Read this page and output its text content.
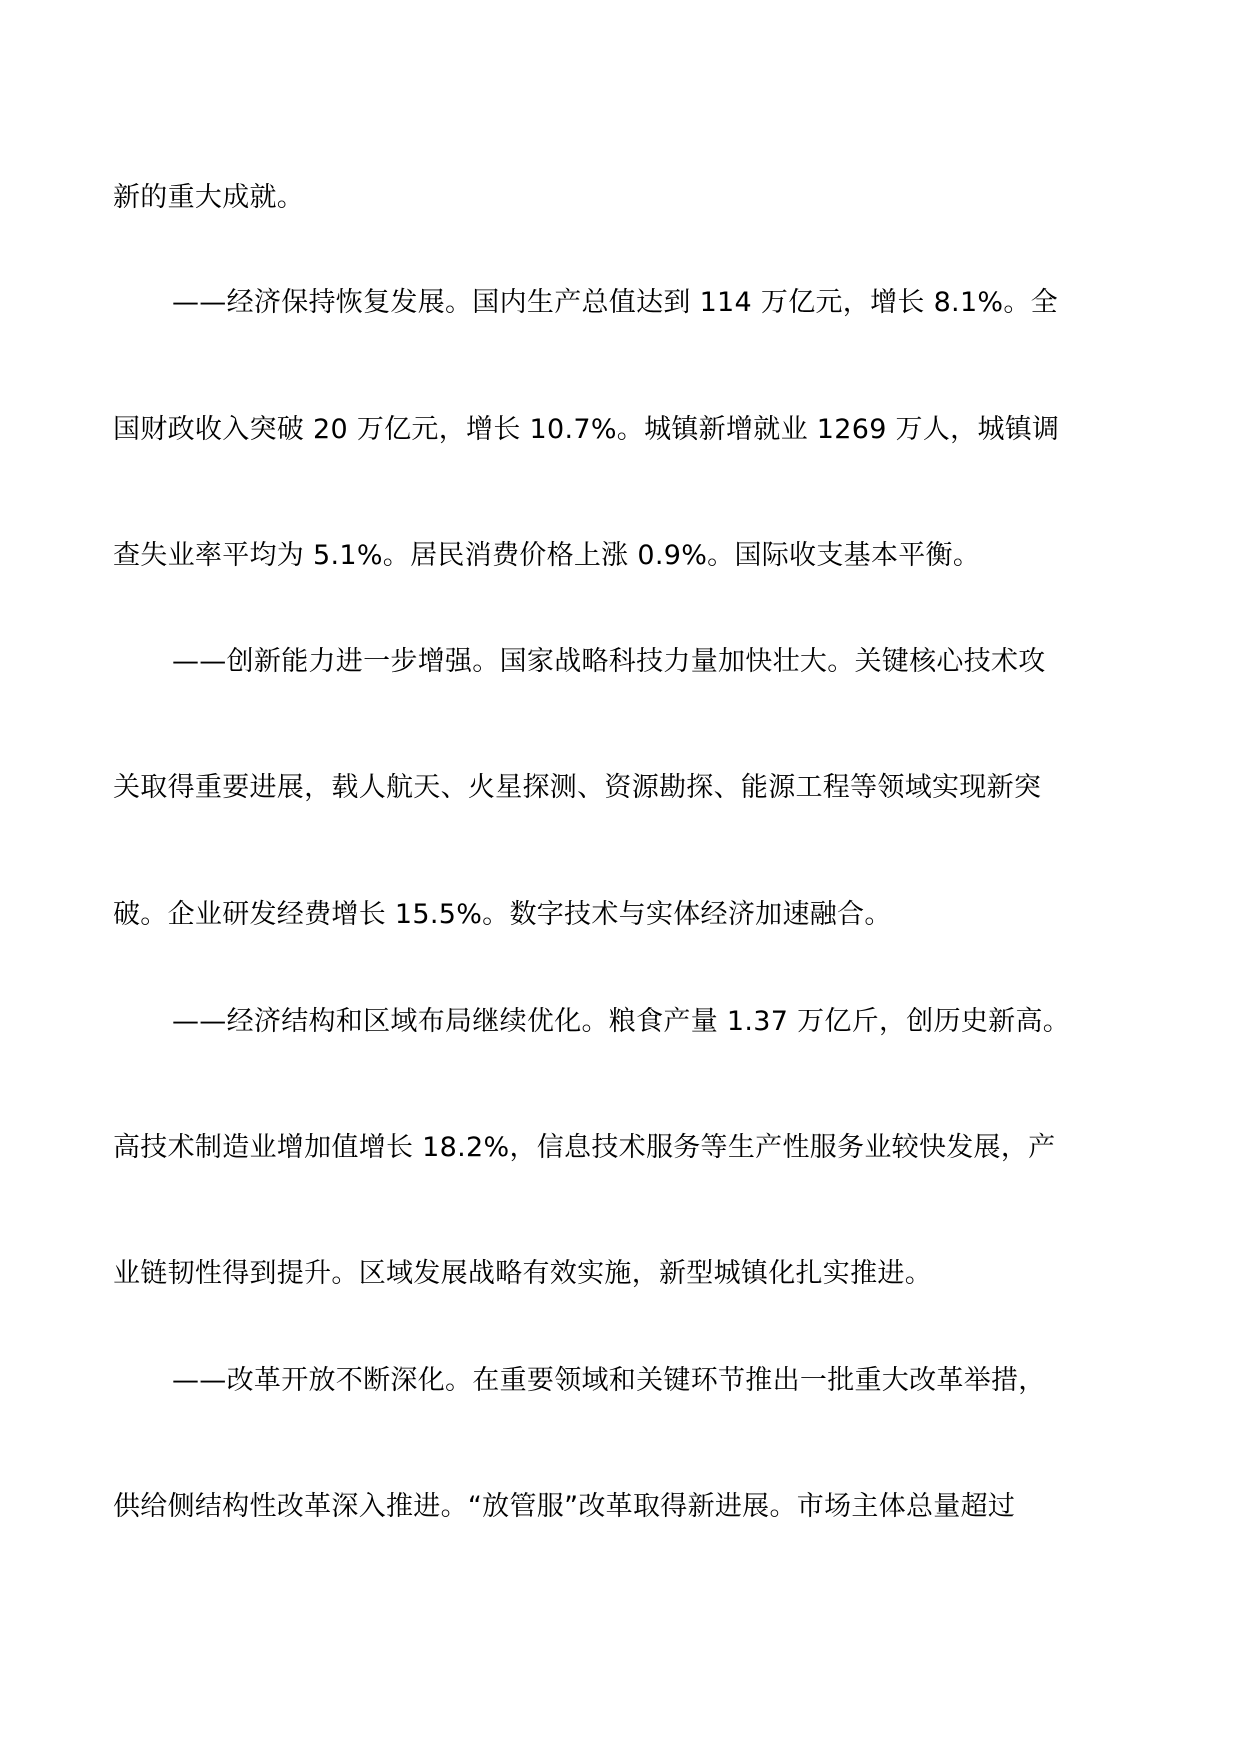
新的重大成就。
——经济保持恢复发展。国内生产总值达到 114 万亿元，增长 8.1%。全
国财政收入突破 20 万亿元，增长 10.7%。城镇新增就业 1269 万人，城镇调
查失业率平均为 5.1%。居民消费价格上涨 0.9%。国际收支基本平衡。
——创新能力进一步增强。国家战略科技力量加快壮大。关键核心技术攻
关取得重要进展，载人航天、火星探测、资源勘探、能源工程等领域实现新突
破。企业研发经费增长 15.5%。数字技术与实体经济加速融合。
——经济结构和区域布局继续优化。粮食产量 1.37 万亿斤，创历史新高。
高技术制造业增加值增长 18.2%，信息技术服务等生产性服务业较快发展，产
业链韧性得到提升。区域发展战略有效实施，新型城镇化扎实推进。
——改革开放不断深化。在重要领域和关键环节推出一批重大改革举措，
供给侧结构性改革深入推进。“放管服”改革取得新进展。市场主体总量超过
